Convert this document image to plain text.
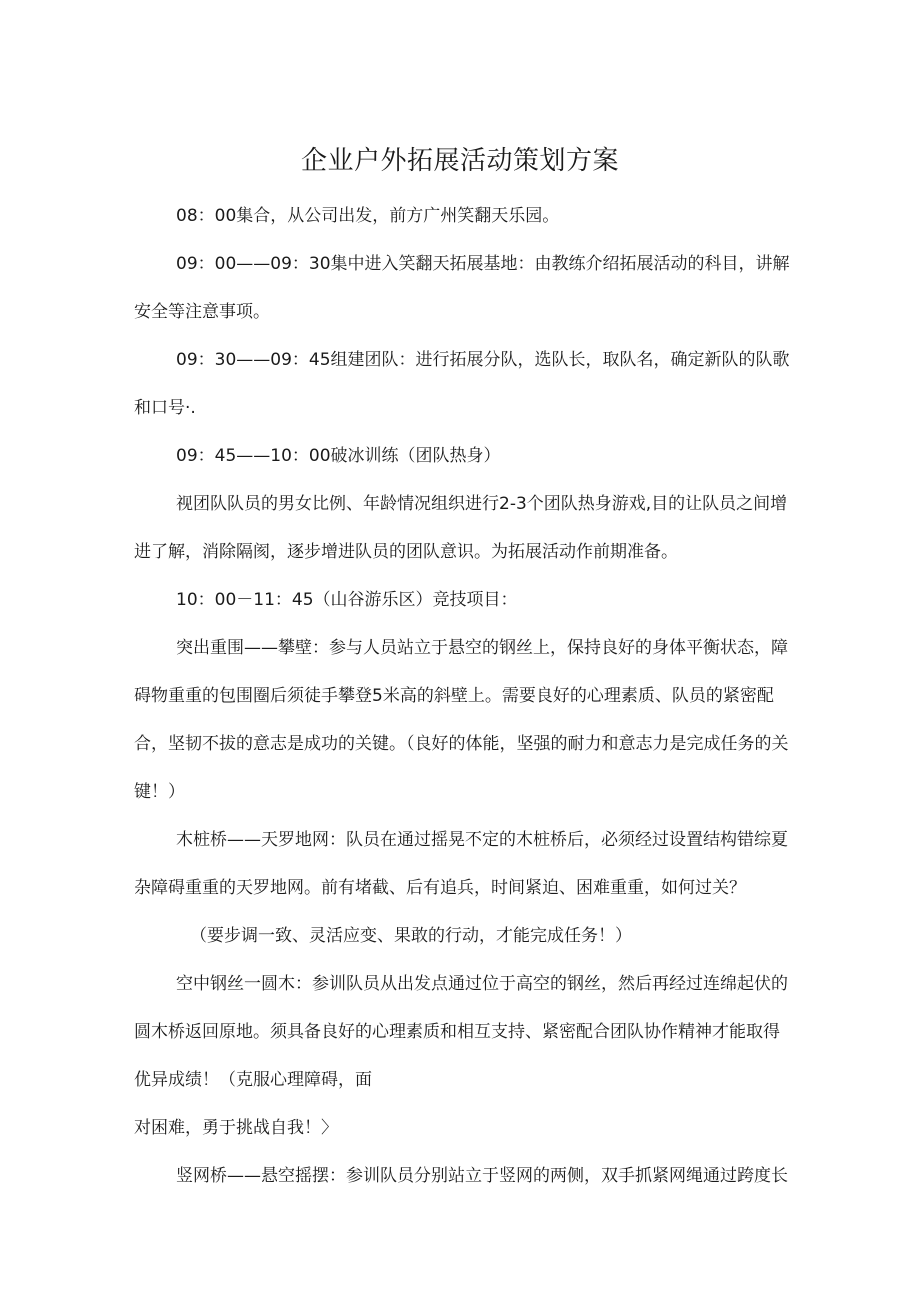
企业户外拓展活动策划方案

08：00集合，从公司出发，前方广州笑翻天乐园。

09：00——09：30集中进入笑翻天拓展基地：由教练介绍拓展活动的科目，讲解安全等注意事项。

09：30——09：45组建团队：进行拓展分队，选队长，取队名，确定新队的队歌和口号·.

09：45——10：00破冰训练（团队热身）

视团队队员的男女比例、年龄情况组织进行2-3个团队热身游戏,目的让队员之间增进了解，消除隔阂，逐步增进队员的团队意识。为拓展活动作前期准备。

10：00－11：45（山谷游乐区）竞技项目：

突出重围——攀壁：参与人员站立于悬空的钢丝上，保持良好的身体平衡状态，障碍物重重的包围圈后须徒手攀登5米高的斜壁上。需要良好的心理素质、队员的紧密配合，坚韧不拔的意志是成功的关键。（良好的体能，坚强的耐力和意志力是完成任务的关键！）

木桩桥——天罗地网：队员在通过摇晃不定的木桩桥后，必须经过设置结构错综夏杂障碍重重的天罗地网。前有堵截、后有追兵，时间紧迫、困难重重，如何过关？

（要步调一致、灵活应变、果敢的行动，才能完成任务！）

空中钢丝一圆木：参训队员从出发点通过位于高空的钢丝，然后再经过连绵起伏的圆木桥返回原地。须具备良好的心理素质和相互支持、紧密配合团队协作精神才能取得优异成绩！（克服心理障碍，面

对困难，勇于挑战自我！〉

竖网桥——悬空摇摆：参训队员分别站立于竖网的两侧，双手抓紧网绳通过跨度长
